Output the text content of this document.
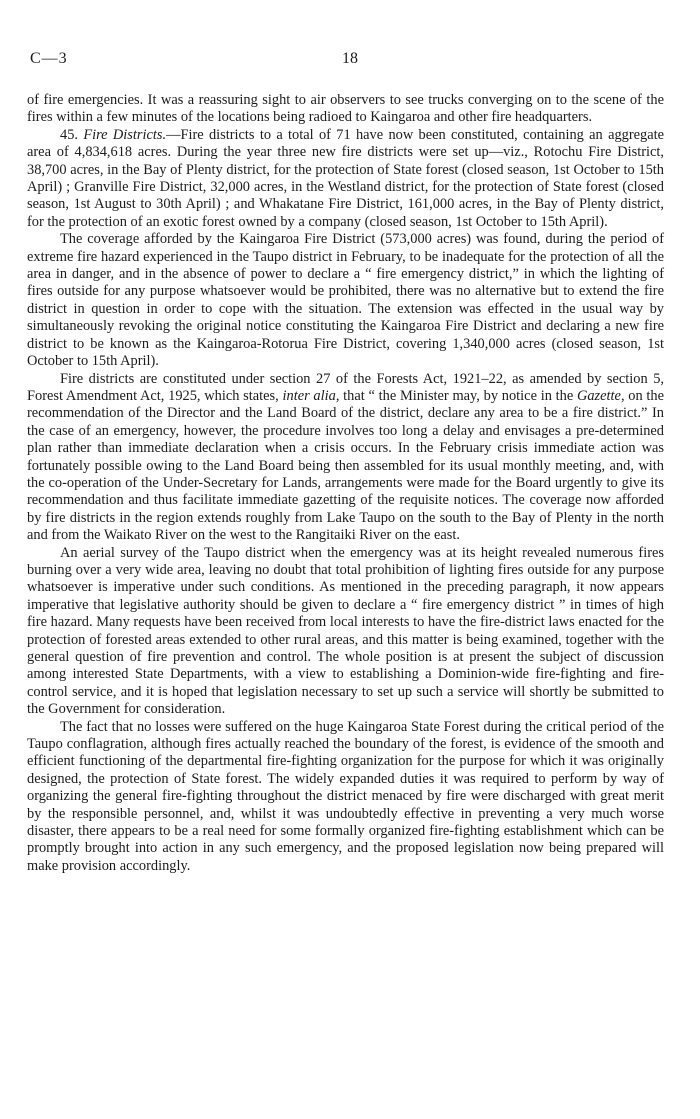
C—3	18

of fire emergencies. It was a reassuring sight to air observers to see trucks converging on to the scene of the fires within a few minutes of the locations being radioed to Kaingaroa and other fire headquarters.

45. Fire Districts.—Fire districts to a total of 71 have now been constituted, containing an aggregate area of 4,834,618 acres. During the year three new fire districts were set up—viz., Rotochu Fire District, 38,700 acres, in the Bay of Plenty district, for the protection of State forest (closed season, 1st October to 15th April) ; Granville Fire District, 32,000 acres, in the Westland district, for the protection of State forest (closed season, 1st August to 30th April) ; and Whakatane Fire District, 161,000 acres, in the Bay of Plenty district, for the protection of an exotic forest owned by a company (closed season, 1st October to 15th April).

The coverage afforded by the Kaingaroa Fire District (573,000 acres) was found, during the period of extreme fire hazard experienced in the Taupo district in February, to be inadequate for the protection of all the area in danger, and in the absence of power to declare a “ fire emergency district,” in which the lighting of fires outside for any purpose whatsoever would be prohibited, there was no alternative but to extend the fire district in question in order to cope with the situation. The extension was effected in the usual way by simultaneously revoking the original notice constituting the Kaingaroa Fire District and declaring a new fire district to be known as the Kaingaroa-Rotorua Fire District, covering 1,340,000 acres (closed season, 1st October to 15th April).

Fire districts are constituted under section 27 of the Forests Act, 1921–22, as amended by section 5, Forest Amendment Act, 1925, which states, inter alia, that “ the Minister may, by notice in the Gazette, on the recommendation of the Director and the Land Board of the district, declare any area to be a fire district.” In the case of an emergency, however, the procedure involves too long a delay and envisages a pre-determined plan rather than immediate declaration when a crisis occurs. In the February crisis immediate action was fortunately possible owing to the Land Board being then assembled for its usual monthly meeting, and, with the co-operation of the Under-Secretary for Lands, arrangements were made for the Board urgently to give its recommendation and thus facilitate immediate gazetting of the requisite notices. The coverage now afforded by fire districts in the region extends roughly from Lake Taupo on the south to the Bay of Plenty in the north and from the Waikato River on the west to the Rangitaiki River on the east.

An aerial survey of the Taupo district when the emergency was at its height revealed numerous fires burning over a very wide area, leaving no doubt that total prohibition of lighting fires outside for any purpose whatsoever is imperative under such conditions. As mentioned in the preceding paragraph, it now appears imperative that legislative authority should be given to declare a “ fire emergency district ” in times of high fire hazard. Many requests have been received from local interests to have the fire-district laws enacted for the protection of forested areas extended to other rural areas, and this matter is being examined, together with the general question of fire prevention and control. The whole position is at present the subject of discussion among interested State Departments, with a view to establishing a Dominion-wide fire-fighting and fire-control service, and it is hoped that legislation necessary to set up such a service will shortly be submitted to the Government for consideration.

The fact that no losses were suffered on the huge Kaingaroa State Forest during the critical period of the Taupo conflagration, although fires actually reached the boundary of the forest, is evidence of the smooth and efficient functioning of the departmental fire-fighting organization for the purpose for which it was originally designed, the protection of State forest. The widely expanded duties it was required to perform by way of organizing the general fire-fighting throughout the district menaced by fire were discharged with great merit by the responsible personnel, and, whilst it was undoubtedly effective in preventing a very much worse disaster, there appears to be a real need for some formally organized fire-fighting establishment which can be promptly brought into action in any such emergency, and the proposed legislation now being prepared will make provision accordingly.
